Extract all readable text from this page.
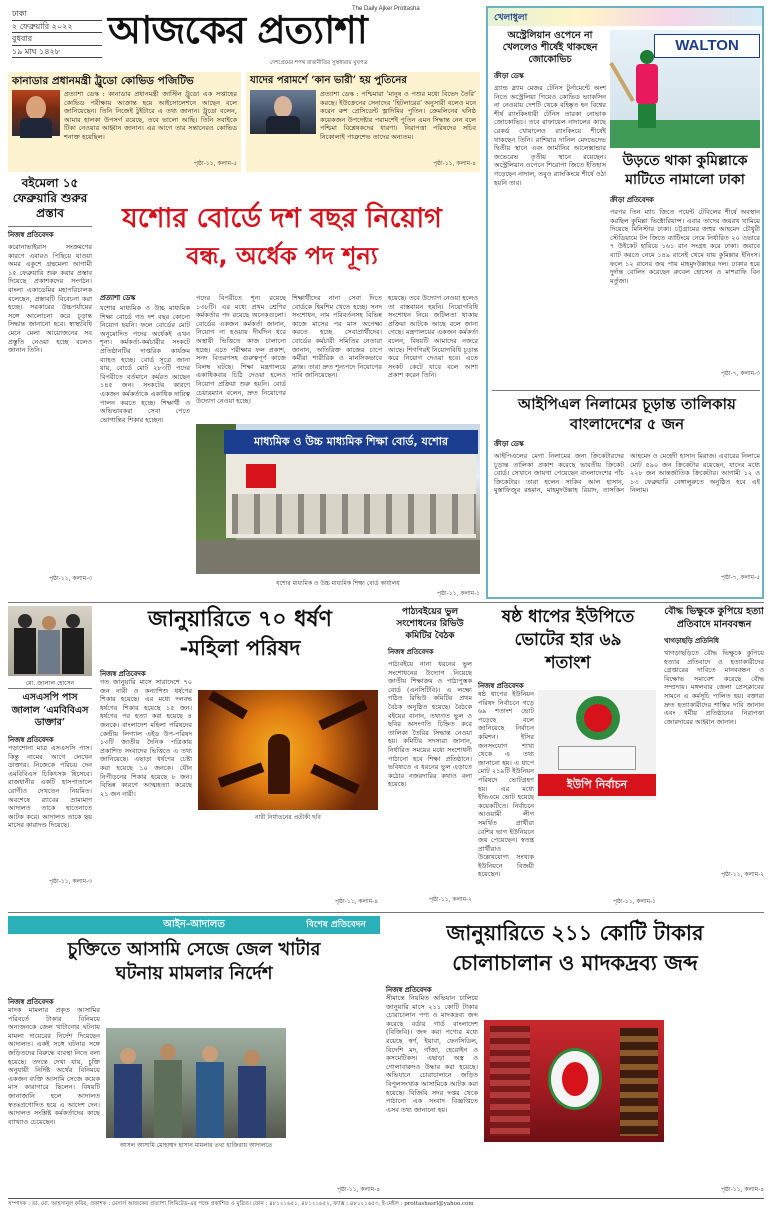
ঢাকা
২ ফেব্রুয়ারি ২০২২
বুধবার
১৯ মাঘ ১৪২৮	আজকের প্রত্যাশা
The Daily Ajker Prottasha
দেশপ্রেমের শপথ রাজনীতির সুস্থধারার মুখপত্র
কানাডার প্রধানমন্ত্রী ট্রুডো কোভিড পজিটিভ
প্রত্যাশা ডেস্ক : কানাডার প্রধানমন্ত্রী জাস্টিন ট্রুডো এক সপ্তাহের কোভিড পরীক্ষায় আক্রান্ত হয়ে আইসোলেশনে আছেন বলে জানিয়েছেন। তিনি নিজেই টুইটারে এ তথ্য জানান। ট্রুডো বলেন, আমার হালকা উপসর্গ রয়েছে, তবে ভালো আছি। তিনি সবাইকে টিকা নেওয়ার আহ্বান জানান। এর আগে তার সন্তানেরও কোভিড শনাক্ত হয়েছিল।
পৃষ্ঠা-১১, কলাম-৫
যাদের পরামর্শে ‘কান ভারী’ হয় পুতিনের
প্রত্যাশা ডেস্ক : পশ্চিমারা ‘মানুষ ও পশুর মধ্যে বিভেদ তৈরি’ করছে। ইউক্রেনের সেনাদের ‘হিটলারের’ অনুসারী বলেও মনে করেন রুশ প্রেসিডেন্ট ভ্লাদিমির পুতিন। ক্রেমলিনের ঘনিষ্ঠ কয়েকজন উপদেষ্টার পরামর্শেই পুতিন এমন সিদ্ধান্ত নেন বলে পশ্চিমা বিশ্লেষকদের ধারণা। নিরাপত্তা পরিষদের সচিব নিকোলাই পাত্রুশেভ তাদের অন্যতম।
পৃষ্ঠা-১১, কলাম-৪
যশোর বোর্ডে দশ বছর নিয়োগ
বন্ধ, অর্ধেক পদ শূন্য
প্রত্যাশা ডেস্ক
যশোর মাধ্যমিক ও উচ্চ মাধ্যমিক শিক্ষা বোর্ডে গত দশ বছর কোনো নিয়োগ হয়নি। ফলে বোর্ডের মোট অনুমোদিত পদের অর্ধেকই এখন শূন্য। কর্মকর্তা-কর্মচারীর সংকটে প্রতিষ্ঠানটির দাপ্তরিক কার্যক্রম ব্যাহত হচ্ছে। বোর্ড সূত্রে জানা যায়, বোর্ডে মোট ২৮৩টি পদের বিপরীতে বর্তমানে কর্মরত আছেন ১৪৫ জন। সংকটের কারণে একজন কর্মকর্তাকে একাধিক দায়িত্ব পালন করতে হচ্ছে। শিক্ষার্থী ও অভিভাবকরা সেবা পেতে ভোগান্তির শিকার হচ্ছেন।
পদের বিপরীতে শূন্য রয়েছে ১৩৮টি। এর মধ্যে প্রথম শ্রেণির কর্মকর্তার পদ রয়েছে অনেকগুলো। বোর্ডের একজন কর্মকর্তা জানান, নিয়োগ না হওয়ায় দীর্ঘদিন ধরে অস্থায়ী ভিত্তিতে কাজ চালানো হচ্ছে। এতে পরীক্ষার ফল প্রকাশ, সনদ বিতরণসহ গুরুত্বপূর্ণ কাজে বিলম্ব ঘটছে। শিক্ষা মন্ত্রণালয়ে একাধিকবার চিঠি দেওয়া হলেও নিয়োগ প্রক্রিয়া শুরু হয়নি। বোর্ড চেয়ারম্যান বলেন, দ্রুত নিয়োগের উদ্যোগ নেওয়া হচ্ছে।
শিক্ষার্থীদের নানা সেবা দিতে বোর্ডকে হিমশিম খেতে হচ্ছে। সনদ সংশোধন, নাম পরিবর্তনসহ বিভিন্ন কাজে মাসের পর মাস অপেক্ষা করতে হচ্ছে সেবাপ্রার্থীদের। বোর্ডের কর্মচারী সমিতির নেতারা জানান, অতিরিক্ত কাজের চাপে কর্মীরা শারীরিক ও মানসিকভাবে ক্লান্ত। তারা দ্রুত শূন্যপদে নিয়োগের দাবি জানিয়েছেন।
হয়েছে। তবে উদ্যোগ নেওয়া হলেও তা বাস্তবায়ন হয়নি। নিয়োগবিধি সংশোধন নিয়ে জটিলতা থাকায় প্রক্রিয়া আটকে আছে বলে জানা গেছে। মন্ত্রণালয়ের একজন কর্মকর্তা বলেন, বিষয়টি আমাদের নজরে আছে। শিগগিরই নিয়োগবিধি চূড়ান্ত করে নিয়োগ দেওয়া হবে। এতে সংকট কেটে যাবে বলে আশা প্রকাশ করেন তিনি।
মাধ্যমিক ও উচ্চ মাধ্যমিক শিক্ষা বোর্ড, যশোর
যশোর মাধ্যমিক ও উচ্চ মাধ্যমিক শিক্ষা বোর্ড কার্যালয়
পৃষ্ঠা-১১, কলাম-১
বইমেলা ১৫ ফেব্রুয়ারি শুরুর প্রস্তাব
নিজস্ব প্রতিবেদক
করোনাভাইরাস সংক্রমণের কারণে এবারও পিছিয়ে যাওয়া অমর একুশে গ্রন্থমেলা আগামী ১৫ ফেব্রুয়ারি শুরু করার প্রস্তাব দিয়েছে প্রকাশকদের সংগঠন। বাংলা একাডেমির মহাপরিচালক বলেছেন, প্রস্তাবটি বিবেচনা করা হচ্ছে। সরকারের উচ্চপর্যায়ের সঙ্গে আলোচনা করে চূড়ান্ত সিদ্ধান্ত জানানো হবে। স্বাস্থ্যবিধি মেনে মেলা আয়োজনের সব প্রস্তুতি নেওয়া হচ্ছে বলেও জানান তিনি।
পৃষ্ঠা-১১, কলাম-৩
খেলাধুলা
অস্ট্রেলিয়ান ওপেনে না খেললেও শীর্ষেই থাকছেন জোকোভিচ
ক্রীড়া ডেস্ক
গ্র্যান্ড স্ল্যাম মেজর টেনিস টুর্নামেন্টে অংশ নিতে অস্ট্রেলিয়া গিয়েও কোভিড ভ্যাকসিন না নেওয়ায় দেশটি থেকে বহিষ্কৃত হন বিশ্বের শীর্ষ র‍্যাংকিংধারী টেনিস তারকা নোভাক জোকোভিচ। তবে রাফায়েল নাদালের কাছে রেকর্ড খোয়ালেও র‍্যাংকিংয়ে শীর্ষেই থাকছেন তিনি। রাশিয়ার দানিল মেদভেদেভ দ্বিতীয় স্থানে এবং জার্মানির আলেক্সান্ডার জভেরেভ তৃতীয় স্থানে রয়েছেন। অস্ট্রেলিয়ান ওপেনে শিরোপা জিতে ইতিহাস গড়েছেন নাদাল, তবুও র‍্যাংকিংয়ে শীর্ষে ওঠা হয়নি তার।
WALTON
উড়তে থাকা কুমিল্লাকে মাটিতে নামালো ঢাকা
ক্রীড়া প্রতিবেদক
পরপর তিন ম্যাচ জিতে পয়েন্ট টেবিলের শীর্ষে অবস্থান করছিল কুমিল্লা ভিক্টোরিয়ান্স। এবার তাদের জয়রথ থামিয়ে দিয়েছে মিনিস্টার ঢাকা। চট্টগ্রামের জহুর আহমেদ চৌধুরী স্টেডিয়ামে টস জিতে ব্যাটিংয়ে নেমে নির্ধারিত ২০ ওভারে ৭ উইকেট হারিয়ে ১৬১ রান সংগ্রহ করে ঢাকা। জবাবে ব্যাট করতে নেমে ১৪৯ রানেই থেমে যায় কুমিল্লার ইনিংস। ফলে ১২ রানের জয় পায় মাহমুদউল্লাহর দল। ঢাকার হয়ে দুর্দান্ত বোলিং করেছেন রুবেল হোসেন ও মাশরাফি বিন মর্তুজা।
পৃষ্ঠা-৭, কলাম-৩
আইপিএল নিলামের চূড়ান্ত তালিকায় বাংলাদেশের ৫ জন
ক্রীড়া ডেস্ক
আইপিএলের মেগা নিলামের জন্য ক্রিকেটারদের চূড়ান্ত তালিকা প্রকাশ করেছে ভারতীয় ক্রিকেট বোর্ড। সেখানে জায়গা পেয়েছেন বাংলাদেশের পাঁচ ক্রিকেটার। তারা হলেন সাকিব আল হাসান, মুস্তাফিজুর রহমান, মাহমুদউল্লাহ রিয়াদ, তাসকিন আহমেদ ও মেহেদী হাসান মিরাজ। এবারের নিলামে মোট ৫৯০ জন ক্রিকেটার রয়েছেন, যাদের মধ্যে ২২৮ জন আন্তর্জাতিক ক্রিকেটার। আগামী ১২ ও ১৩ ফেব্রুয়ারি বেঙ্গালুরুতে অনুষ্ঠিত হবে এই নিলাম।
পৃষ্ঠা-৭, কলাম-৫
মো. জালাল হোসেন
এসএসপি পাস জালাল ‘এমবিবিএস ডাক্তার’
নিজস্ব প্রতিবেদক
পড়াশোনা মাত্র এসএসসি পাস। কিন্তু নামের আগে লেখেন ডাক্তার। নিজেকে পরিচয় দেন এমবিবিএস চিকিৎসক হিসেবে। রাজধানীর একটি হাসপাতালে রোগীও দেখতেন নিয়মিত। অবশেষে র‍্যাবের ভ্রাম্যমাণ আদালত তাকে হাতেনাতে আটক করে। আদালত তাকে ছয় মাসের কারাদণ্ড দিয়েছে।
পৃষ্ঠা-১১, কলাম-৩
জানুয়ারিতে ৭০ ধর্ষণ
-মহিলা পরিষদ
নিজস্ব প্রতিবেদক
গত জানুয়ারি মাসে সারাদেশে ৭০ জন নারী ও কন্যাশিশু ধর্ষণের শিকার হয়েছে। এর মধ্যে দলবদ্ধ ধর্ষণের শিকার হয়েছে ১৫ জন। ধর্ষণের পর হত্যা করা হয়েছে ৪ জনকে। বাংলাদেশ মহিলা পরিষদের কেন্দ্রীয় লিগ্যাল এইড উপ-পরিষদ ১৩টি জাতীয় দৈনিক পত্রিকায় প্রকাশিত সংবাদের ভিত্তিতে এ তথ্য জানিয়েছে। এছাড়া ধর্ষণের চেষ্টা করা হয়েছে ১০ জনকে। যৌন নিপীড়নের শিকার হয়েছে ৮ জন। বিভিন্ন কারণে আত্মহত্যা করেছে ২১ জন নারী।
নারী নির্যাতনের প্রতীকী ছবি
পৃষ্ঠা-১১, কলাম-৪
পাঠ্যবইয়ের ভুল সংশোধনের রিভিউ কমিটির বৈঠক
নিজস্ব প্রতিবেদক
পাঠ্যবইয়ে নানা ধরনের ভুল সংশোধনের উদ্যোগ নিয়েছে জাতীয় শিক্ষাক্রম ও পাঠ্যপুস্তক বোর্ড (এনসিটিবি)। এ লক্ষ্যে গঠিত রিভিউ কমিটির প্রথম বৈঠক অনুষ্ঠিত হয়েছে। বৈঠকে বইয়ের বানান, তথ্যগত ভুল ও ছবির অসংগতি চিহ্নিত করে তালিকা তৈরির সিদ্ধান্ত নেওয়া হয়। কমিটির সদস্যরা জানান, নির্ধারিত সময়ের মধ্যে সংশোধনী পাঠানো হবে শিক্ষা প্রতিষ্ঠানে। ভবিষ্যতে এ ধরনের ভুল এড়াতে কঠোর নজরদারির কথাও বলা হয়েছে।
পৃষ্ঠা-১১, কলাম-২
ষষ্ঠ ধাপের ইউপিতে
ভোটের হার ৬৯
শতাংশ
নিজস্ব প্রতিবেদক
ষষ্ঠ ধাপের ইউনিয়ন পরিষদ নির্বাচনে গড়ে ৬৯ শতাংশ ভোট পড়েছে বলে জানিয়েছে নির্বাচন কমিশন। ইসির জনসংযোগ শাখা থেকে এ তথ্য জানানো হয়। এ ধাপে মোট ২১৯টি ইউনিয়ন পরিষদে ভোটগ্রহণ হয়। এর মধ্যে ইভিএমে ভোট হয়েছে কয়েকটিতে। নির্বাচনে আওয়ামী লীগ সমর্থিত প্রার্থীরা বেশির ভাগ ইউনিয়নে জয় পেয়েছেন। স্বতন্ত্র প্রার্থীরাও উল্লেখযোগ্য সংখ্যক ইউনিয়নে বিজয়ী হয়েছেন।
ইউপি নির্বাচন
পৃষ্ঠা-১১, কলাম-১
বৌদ্ধ ভিক্ষুকে কুপিয়ে হত্যা প্রতিবাদে মানববন্ধন
খাগড়াছড়ি প্রতিনিধি
খাগড়াছড়িতে বৌদ্ধ ভিক্ষুকে কুপিয়ে হত্যার প্রতিবাদে ও হত্যাকারীদের গ্রেপ্তারের দাবিতে মানববন্ধন ও বিক্ষোভ সমাবেশ করেছে বৌদ্ধ সম্প্রদায়। মঙ্গলবার জেলা প্রেসক্লাবের সামনে এ কর্মসূচি পালিত হয়। বক্তারা দ্রুত হত্যাকারীদের শাস্তির দাবি জানান এবং ধর্মীয় প্রতিষ্ঠানের নিরাপত্তা জোরদারের আহ্বান জানান।
পৃষ্ঠা-১১, কলাম-২
আইন-আদালত
চুক্তিতে আসামি সেজে জেল খাটার
ঘটনায় মামলার নির্দেশ
নিজস্ব প্রতিবেদক
মাদক মামলার প্রকৃত আসামির পরিবর্তে টাকার বিনিময়ে অন্যজনকে জেল খাটানোর ঘটনায় মামলা দায়েরের নির্দেশ দিয়েছেন আদালত। একই সঙ্গে ঘটনার সঙ্গে জড়িতদের বিরুদ্ধে ব্যবস্থা নিতে বলা হয়েছে। তদন্তে দেখা যায়, চুক্তি অনুযায়ী নির্দিষ্ট অর্থের বিনিময়ে একজন ব্যক্তি আসামি সেজে কয়েক মাস কারাগারে ছিলেন। বিষয়টি জানাজানি হলে আদালত স্বতঃপ্রণোদিত হয়ে এ আদেশ দেন। আদালত সংশ্লিষ্ট কর্মকর্তাদের কাছে ব্যাখ্যাও চেয়েছেন।
আসল আসামি মোহাম্মদ হাসান মামলার তথ্য হাজিরায় আদালতে
পৃষ্ঠা-১১, কলাম-৪
বিশেষ প্রতিবেদন	জানুয়ারিতে ২১১ কোটি টাকার
চোলাচালান ও মাদকদ্রব্য জব্দ
নিজস্ব প্রতিবেদক
সীমান্তে নিয়মিত অভিযান চালিয়ে জানুয়ারি মাসে ২১১ কোটি টাকার চোরাচালান পণ্য ও মাদকদ্রব্য জব্দ করেছে বর্ডার গার্ড বাংলাদেশ (বিজিবি)। জব্দ করা পণ্যের মধ্যে রয়েছে স্বর্ণ, ইয়াবা, ফেনসিডিল, বিদেশি মদ, গাঁজা, হেরোইন ও কসমেটিকস। এছাড়া অস্ত্র ও গোলাবারুদও উদ্ধার করা হয়েছে। অভিযানে চোরাচালানে জড়িত বিপুলসংখ্যক আসামিকে আটক করা হয়েছে। বিজিবি সদর দপ্তর থেকে পাঠানো এক সংবাদ বিজ্ঞপ্তিতে এসব তথ্য জানানো হয়।
পৃষ্ঠা-১১, কলাম-৪
সম্পাদক : ডা. মো. আহসানুল কবির, প্রকাশক : মেসার্স আজকের প্রত্যাশা লিমিটেড-এর পক্ষে প্রকাশিত ও মুদ্রিত। ফোন : ৪৮১২১৬৫১, ৪৮১২১৬৫২, ফ্যাক্স : ৪৮১২১৬৫৩, ই-মেইল : prottashasrl@yahoo.com
